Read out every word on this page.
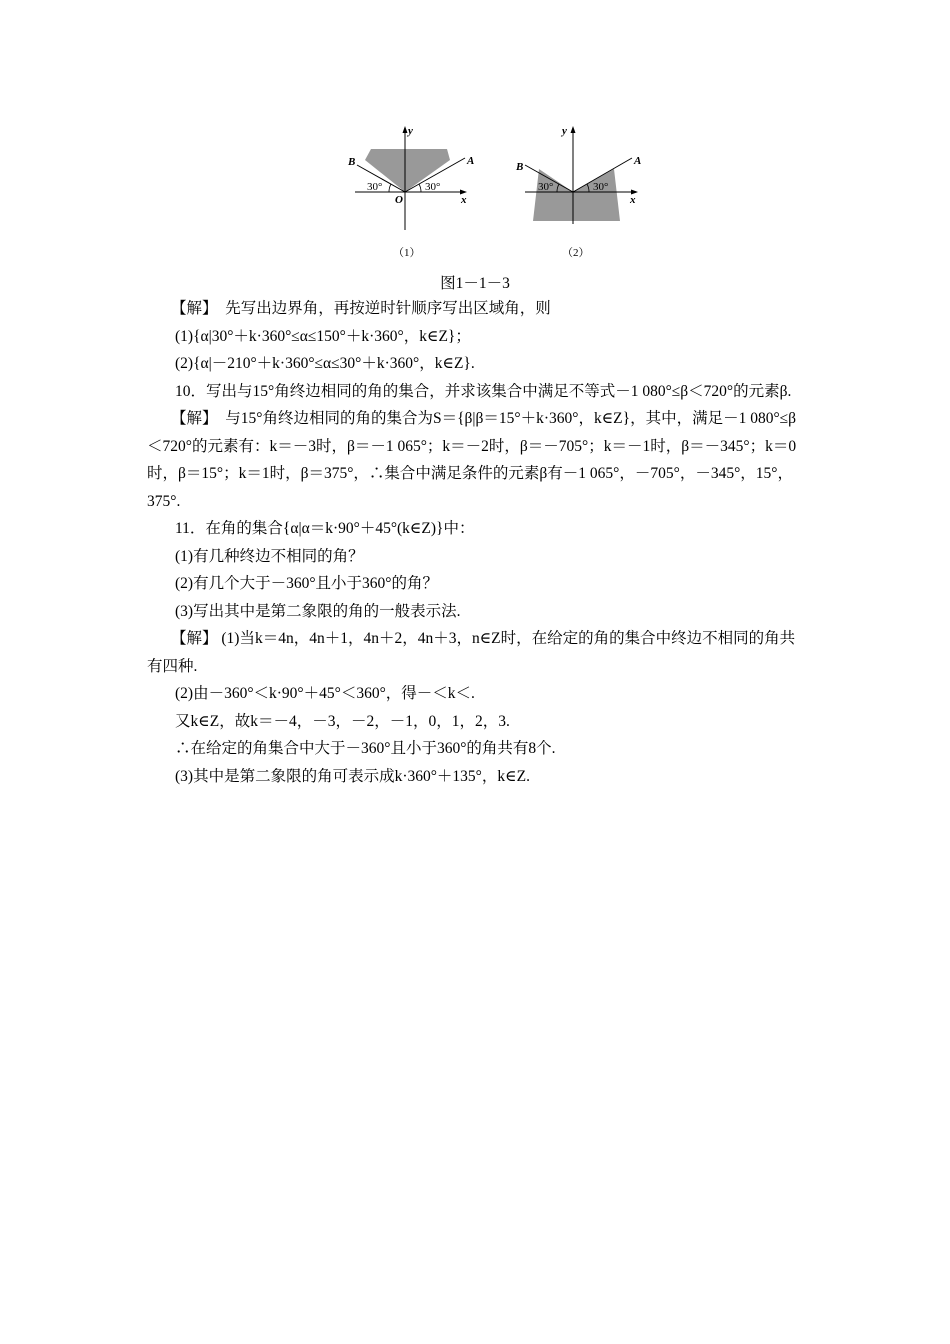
y
x
A
B
O
30°	30°
（1）
y
x
A
B
30°	30°
（2）
图1－1－3

【解】　先写出边界角，再按逆时针顺序写出区域角，则

(1){α|30°＋k·360°≤α≤150°＋k·360°，k∈Z}；

(2){α|－210°＋k·360°≤α≤30°＋k·360°，k∈Z}.

10．写出与15°角终边相同的角的集合，并求该集合中满足不等式－1 080°≤β＜720°的元素β.

【解】　与15°角终边相同的角的集合为S＝{β|β＝15°＋k·360°，k∈Z}，其中，满足－1 080°≤β＜720°的元素有：k＝－3时，β＝－1 065°；k＝－2时，β＝－705°；k＝－1时，β＝－345°；k＝0时，β＝15°；k＝1时，β＝375°，∴集合中满足条件的元素β有－1 065°，－705°，－345°，15°，375°.

11．在角的集合{α|α＝k·90°＋45°(k∈Z)}中：

(1)有几种终边不相同的角？

(2)有几个大于－360°且小于360°的角？

(3)写出其中是第二象限的角的一般表示法.

【解】 (1)当k＝4n，4n＋1，4n＋2，4n＋3，n∈Z时，在给定的角的集合中终边不相同的角共有四种.

(2)由－360°＜k·90°＋45°＜360°，得－＜k＜.

又k∈Z，故k＝－4，－3，－2，－1，0，1，2，3.

∴在给定的角集合中大于－360°且小于360°的角共有8个.

(3)其中是第二象限的角可表示成k·360°＋135°，k∈Z.
